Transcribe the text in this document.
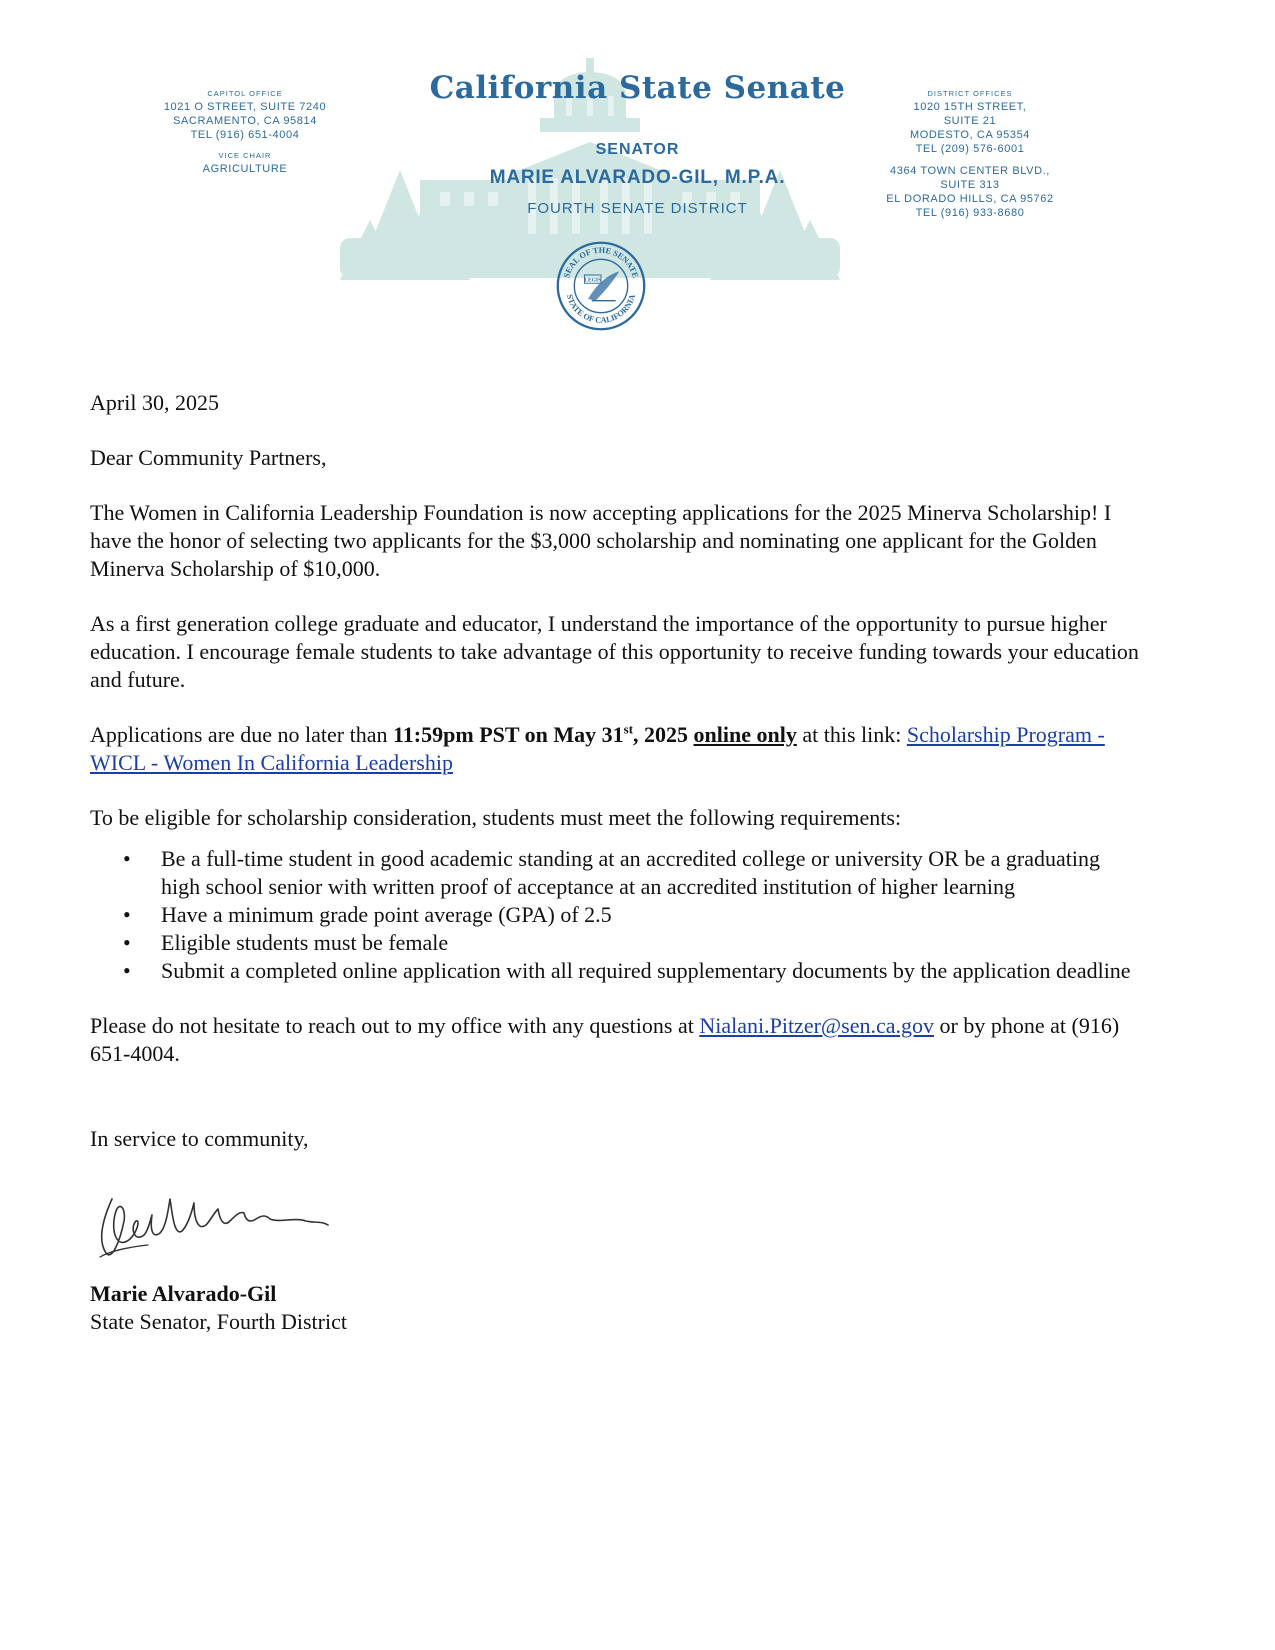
California State Senate
SENATOR
MARIE ALVARADO-GIL, M.P.A.
FOURTH SENATE DISTRICT
CAPITOL OFFICE
1021 O STREET, SUITE 7240
SACRAMENTO, CA 95814
TEL (916) 651-4004
VICE CHAIR
AGRICULTURE
DISTRICT OFFICES
1020 15TH STREET,
SUITE 21
MODESTO, CA 95354
TEL (209) 576-6001
4364 TOWN CENTER BLVD.,
SUITE 313
EL DORADO HILLS, CA 95762
TEL (916) 933-8680
SEAL OF THE SENATE
STATE OF CALIFORNIA
LEGIS

April 30, 2025

Dear Community Partners,

The Women in California Leadership Foundation is now accepting applications for the 2025 Minerva Scholarship! I have the honor of selecting two applicants for the $3,000 scholarship and nominating one applicant for the Golden Minerva Scholarship of $10,000.

As a first generation college graduate and educator, I understand the importance of the opportunity to pursue higher education. I encourage female students to take advantage of this opportunity to receive funding towards your education and future.

Applications are due no later than 11:59pm PST on May 31st, 2025 online only at this link: Scholarship Program - WICL - Women In California Leadership

To be eligible for scholarship consideration, students must meet the following requirements:

• Be a full-time student in good academic standing at an accredited college or university OR be a graduating high school senior with written proof of acceptance at an accredited institution of higher learning
• Have a minimum grade point average (GPA) of 2.5
• Eligible students must be female
• Submit a completed online application with all required supplementary documents by the application deadline

Please do not hesitate to reach out to my office with any questions at Nialani.Pitzer@sen.ca.gov or by phone at (916) 651-4004.

In service to community,

Marie Alvarado-Gil

State Senator, Fourth District
